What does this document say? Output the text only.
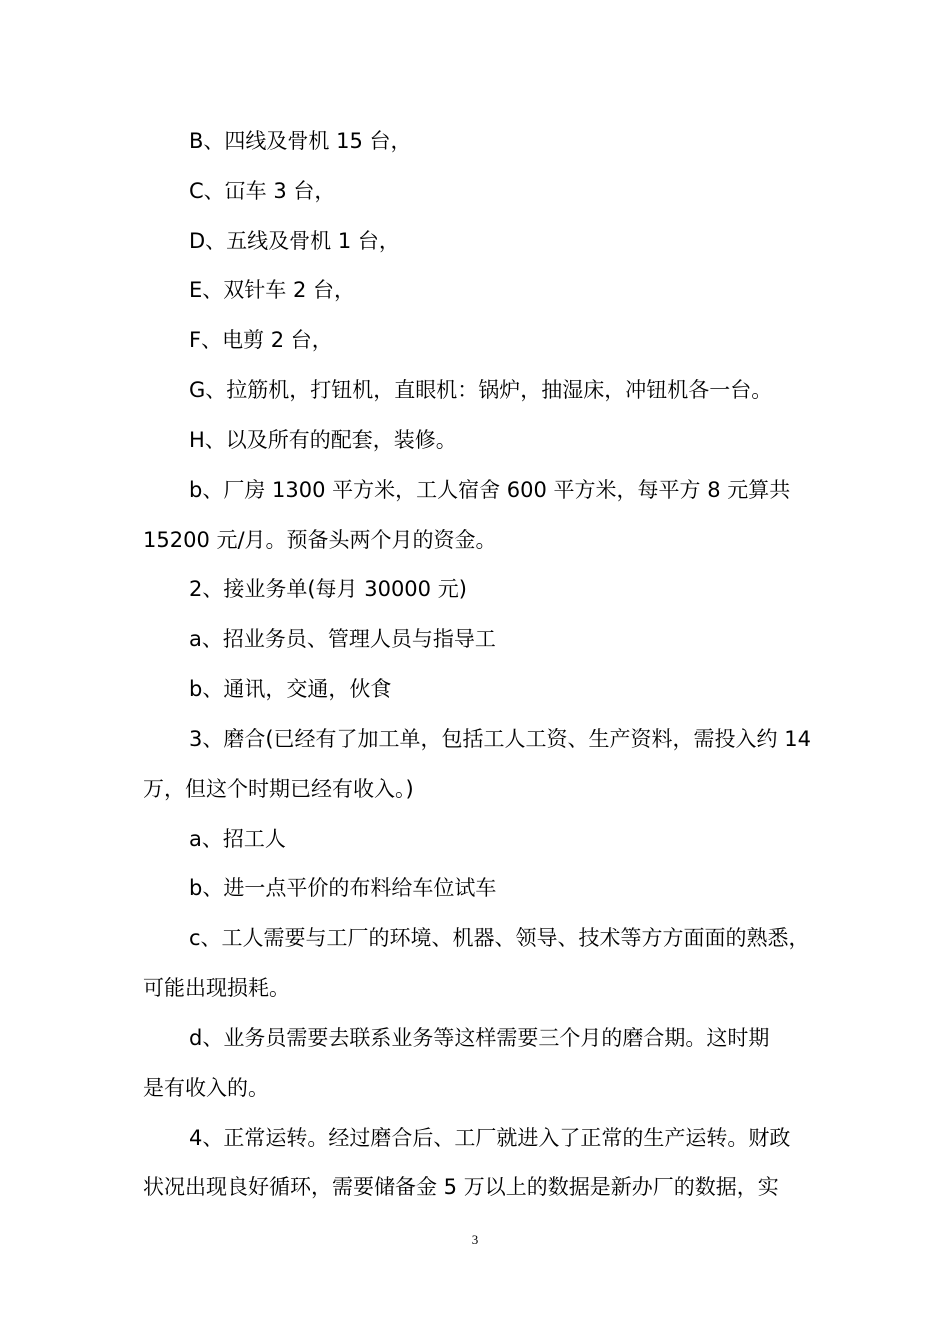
B、四线及骨机 15 台，
C、冚车 3 台，
D、五线及骨机 1 台，
E、双针车 2 台，
F、电剪 2 台，
G、拉筋机，打钮机，直眼机：锅炉，抽湿床，冲钮机各一台。
H、以及所有的配套，装修。
b、厂房 1300 平方米，工人宿舍 600 平方米，每平方 8 元算共
15200 元/月。预备头两个月的资金。
2、接业务单(每月 30000 元)
a、招业务员、管理人员与指导工
b、通讯，交通，伙食
3、磨合(已经有了加工单，包括工人工资、生产资料，需投入约 14
万，但这个时期已经有收入。)
a、招工人
b、进一点平价的布料给车位试车
c、工人需要与工厂的环境、机器、领导、技术等方方面面的熟悉，
可能出现损耗。
d、业务员需要去联系业务等这样需要三个月的磨合期。这时期
是有收入的。
4、正常运转。经过磨合后、工厂就进入了正常的生产运转。财政
状况出现良好循环，需要储备金 5 万以上的数据是新办厂的数据，实
3
